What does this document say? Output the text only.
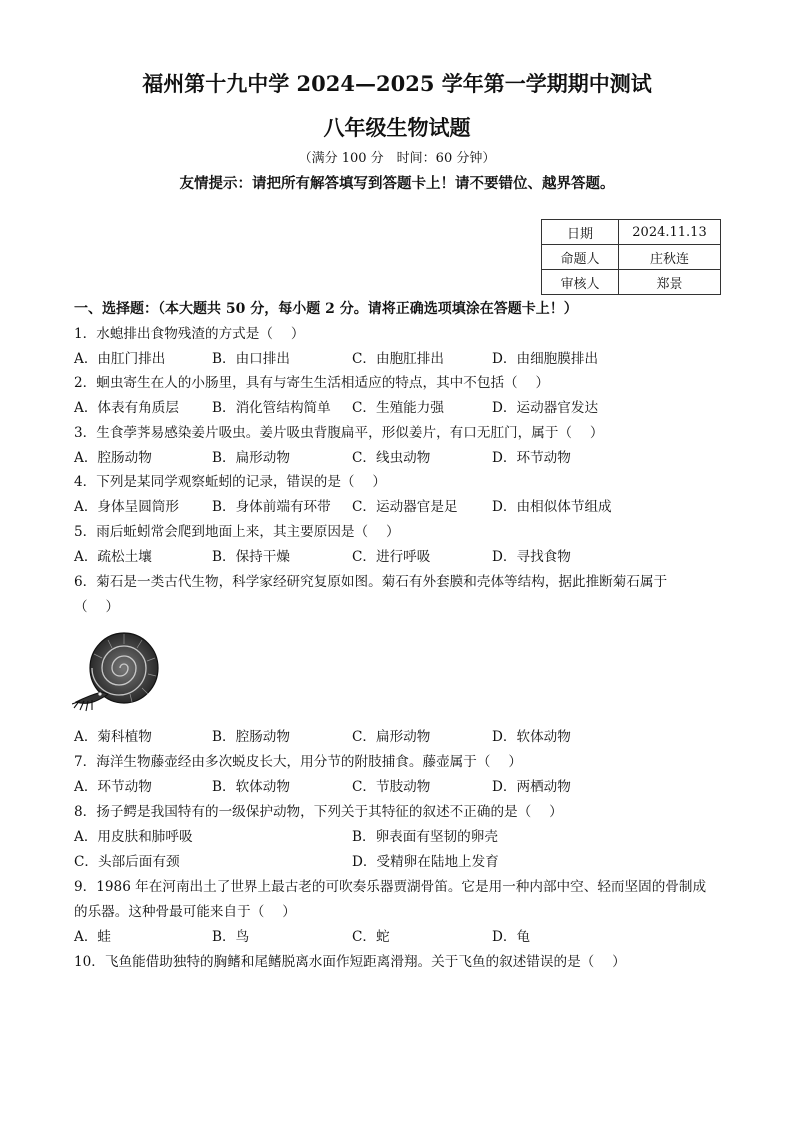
福州第十九中学 2024—2025 学年第一学期期中测试
八年级生物试题
（满分 100 分　时间：60 分钟）
友情提示：请把所有解答填写到答题卡上！请不要错位、越界答题。
日期	2024.11.13
命题人	庄秋连
审核人	郑景
一、选择题：（本大题共 50 分，每小题 2 分。请将正确选项填涂在答题卡上！）
1．水螅排出食物残渣的方式是（　 ）
A．由肛门排出	B．由口排出	C．由胞肛排出	D．由细胞膜排出
2．蛔虫寄生在人的小肠里，具有与寄生生活相适应的特点，其中不包括（　 ）
A．体表有角质层 B．消化管结构简单 C．生殖能力强	D．运动器官发达
3．生食荸荠易感染姜片吸虫。姜片吸虫背腹扁平，形似姜片，有口无肛门，属于（　 ）
A．腔肠动物	B．扁形动物	C．线虫动物	D．环节动物
4．下列是某同学观察蚯蚓的记录，错误的是（　 ）
A．身体呈圆筒形 B．身体前端有环带 C．运动器官是足	D．由相似体节组成
5．雨后蚯蚓常会爬到地面上来，其主要原因是（　 ）
A．疏松土壤	B．保持干燥	C．进行呼吸	D．寻找食物
6．菊石是一类古代生物，科学家经研究复原如图。菊石有外套膜和壳体等结构，据此推断菊石属于
（　 ）
A．菊科植物	B．腔肠动物	C．扁形动物	D．软体动物
7．海洋生物藤壶经由多次蜕皮长大，用分节的附肢捕食。藤壶属于（　 ）
A．环节动物	B．软体动物	C．节肢动物	D．两栖动物
8．扬子鳄是我国特有的一级保护动物，下列关于其特征的叙述不正确的是（　 ）
A．用皮肤和肺呼吸	B．卵表面有坚韧的卵壳
C．头部后面有颈	D．受精卵在陆地上发育
9．1986 年在河南出土了世界上最古老的可吹奏乐器贾湖骨笛。它是用一种内部中空、轻而坚固的骨制成
的乐器。这种骨最可能来自于（　 ）
A．蛙	B．鸟	C．蛇	D．龟
10．飞鱼能借助独特的胸鳍和尾鳍脱离水面作短距离滑翔。关于飞鱼的叙述错误的是（　 ）
